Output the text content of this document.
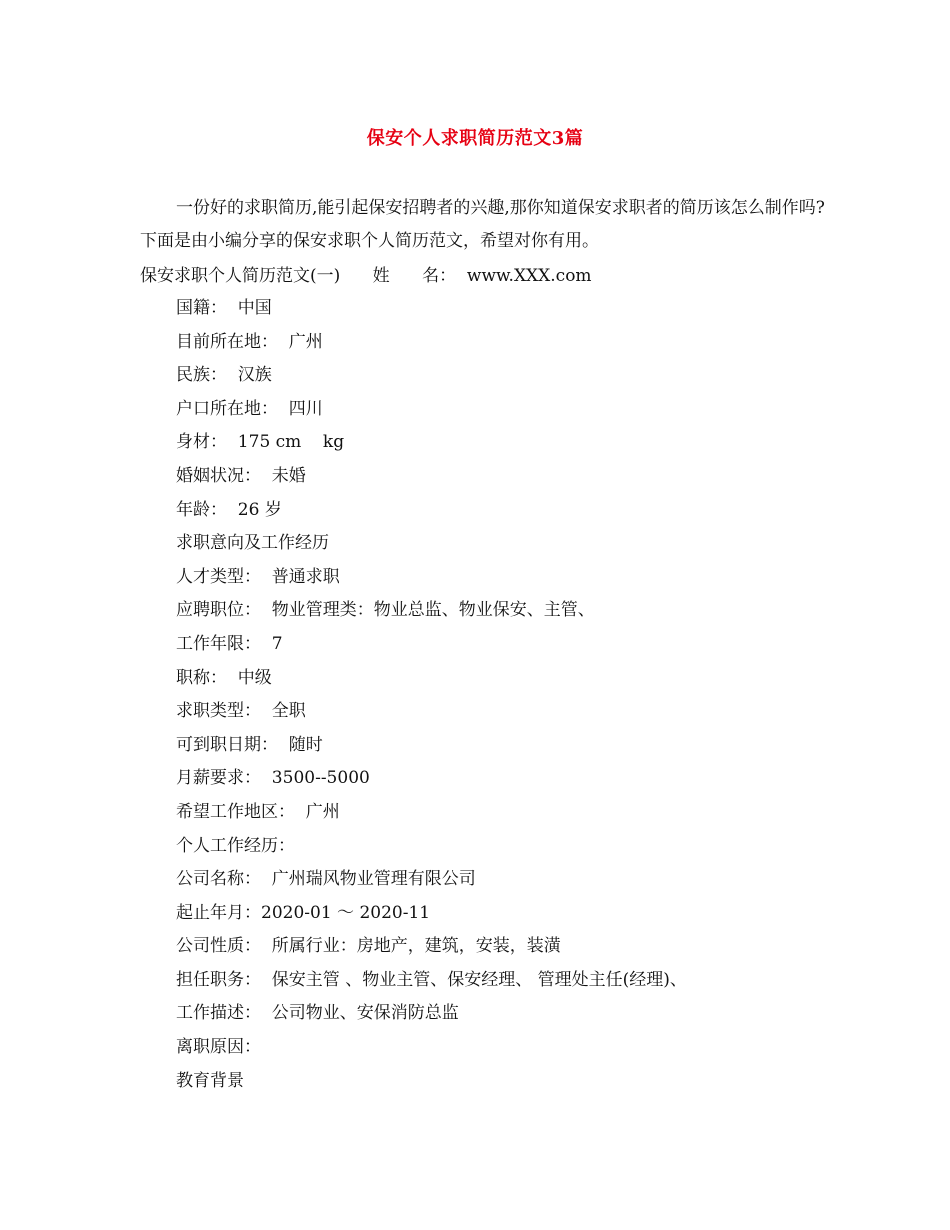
保安个人求职简历范文3篇
一份好的求职简历,能引起保安招聘者的兴趣,那你知道保安求职者的简历该怎么制作吗?下面是由小编分享的保安求职个人简历范文，希望对你有用。
保安求职个人简历范文(一)      姓      名：  www.XXX.com
国籍：  中国
目前所在地：  广州
民族：  汉族
户口所在地：  四川
身材：  175 cm    kg
婚姻状况：  未婚
年龄：  26 岁
求职意向及工作经历
人才类型：  普通求职
应聘职位：  物业管理类：物业总监、物业保安、主管、
工作年限：  7
职称：  中级
求职类型：  全职
可到职日期：  随时
月薪要求：  3500--5000
希望工作地区：  广州
个人工作经历：
公司名称：  广州瑞风物业管理有限公司
起止年月：2020-01 ～ 2020-11
公司性质：  所属行业：房地产，建筑，安装，装潢
担任职务：  保安主管 、物业主管、保安经理、 管理处主任(经理)、
工作描述：  公司物业、安保消防总监
离职原因：
教育背景
